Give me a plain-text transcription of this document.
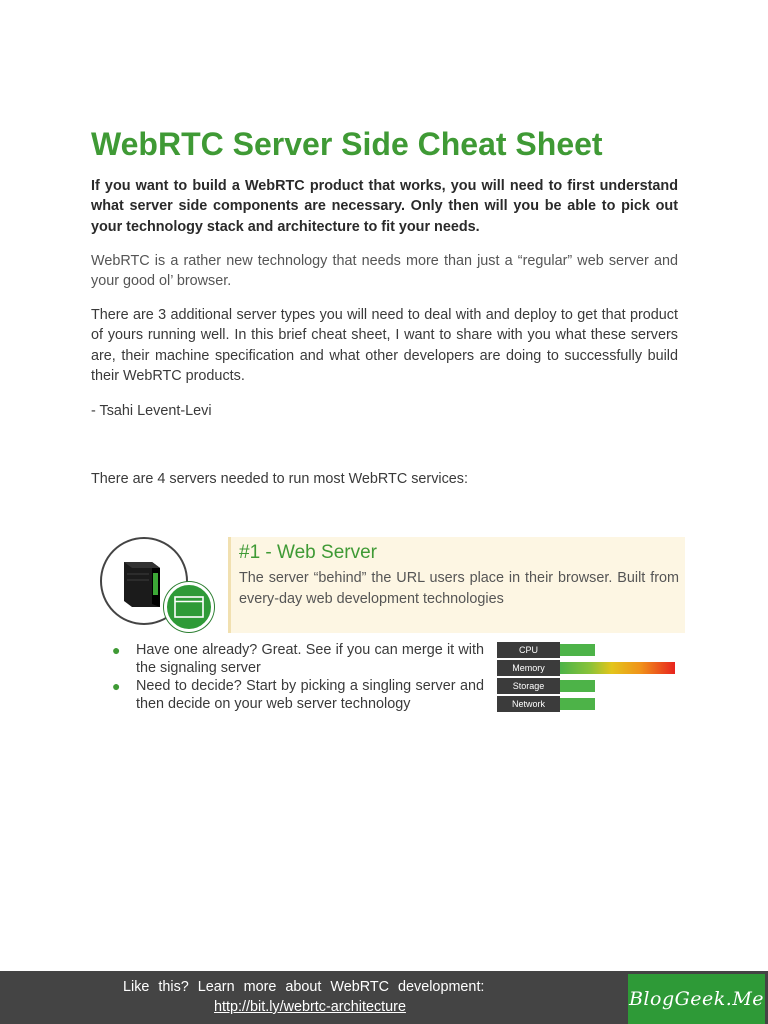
WebRTC Server Side Cheat Sheet

If you want to build a WebRTC product that works, you will need to first understand what server side components are necessary. Only then will you be able to pick out your technology stack and architecture to fit your needs.

WebRTC is a rather new technology that needs more than just a “regular” web server and your good ol’ browser.

There are 3 additional server types you will need to deal with and deploy to get that product of yours running well. In this brief cheat sheet, I want to share with you what these servers are, their machine specification and what other developers are doing to successfully build their WebRTC products.

- Tsahi Levent-Levi

There are 4 servers needed to run most WebRTC services:

#1 - Web Server

The server “behind” the URL users place in their browser. Built from every-day web development technologies

● Have one already? Great. See if you can merge it with the signaling server
● Need to decide? Start by picking a singling server and then decide on your web server technology
CPU
Memory
Storage
Network

Like this? Learn more about WebRTC development:

http://bit.ly/webrtc-architecture	BlogGeek.Me
